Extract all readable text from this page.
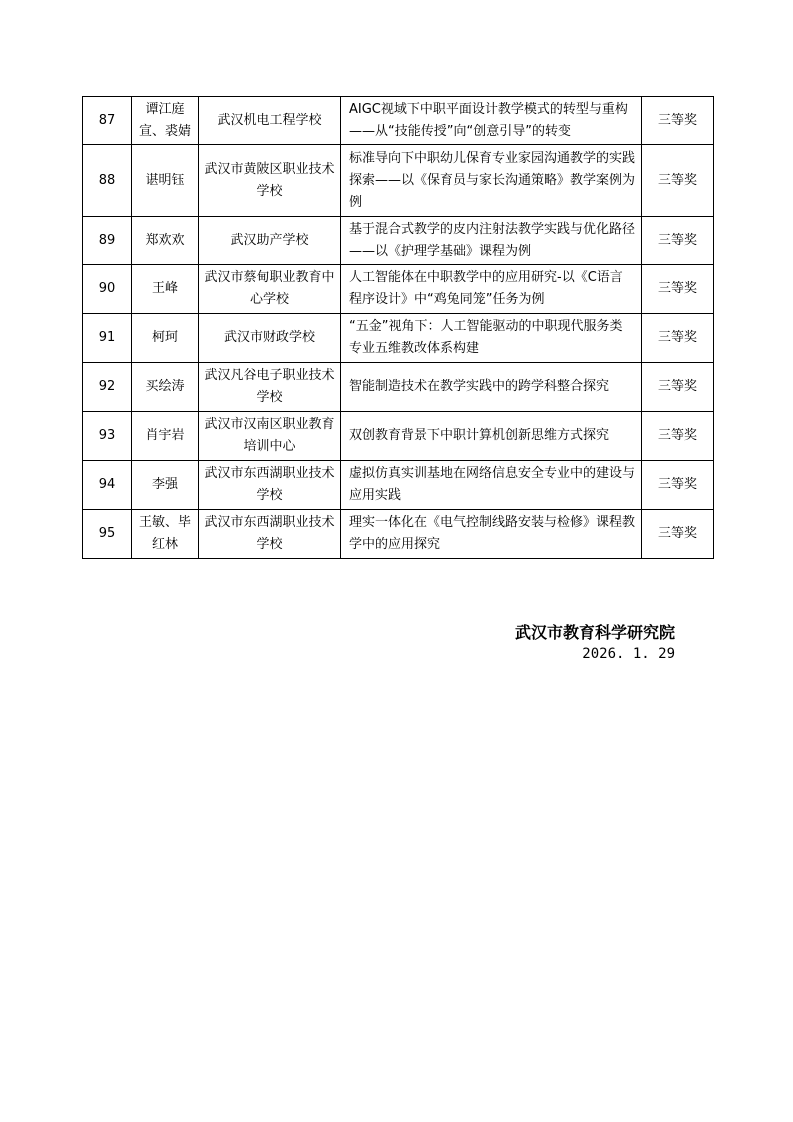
87	谭江庭宣、裘婧	武汉机电工程学校	AIGC视域下中职平面设计教学模式的转型与重构——从“技能传授”向“创意引导”的转变	三等奖
88	谌明钰	武汉市黄陂区职业技术学校	标准导向下中职幼儿保育专业家园沟通教学的实践探索——以《保育员与家长沟通策略》教学案例为例	三等奖
89	郑欢欢	武汉助产学校	基于混合式教学的皮内注射法教学实践与优化路径——以《护理学基础》课程为例	三等奖
90	王峰	武汉市蔡甸职业教育中心学校	人工智能体在中职教学中的应用研究-以《C语言程序设计》中“鸡兔同笼”任务为例	三等奖
91	柯珂	武汉市财政学校	“五金”视角下：人工智能驱动的中职现代服务类专业五维教改体系构建	三等奖
92	买绘涛	武汉凡谷电子职业技术学校	智能制造技术在教学实践中的跨学科整合探究	三等奖
93	肖宇岩	武汉市汉南区职业教育培训中心	双创教育背景下中职计算机创新思维方式探究	三等奖
94	李强	武汉市东西湖职业技术学校	虚拟仿真实训基地在网络信息安全专业中的建设与应用实践	三等奖
95	王敏、毕红林	武汉市东西湖职业技术学校	理实一体化在《电气控制线路安装与检修》课程教学中的应用探究	三等奖
武汉市教育科学研究院
2026. 1. 29
